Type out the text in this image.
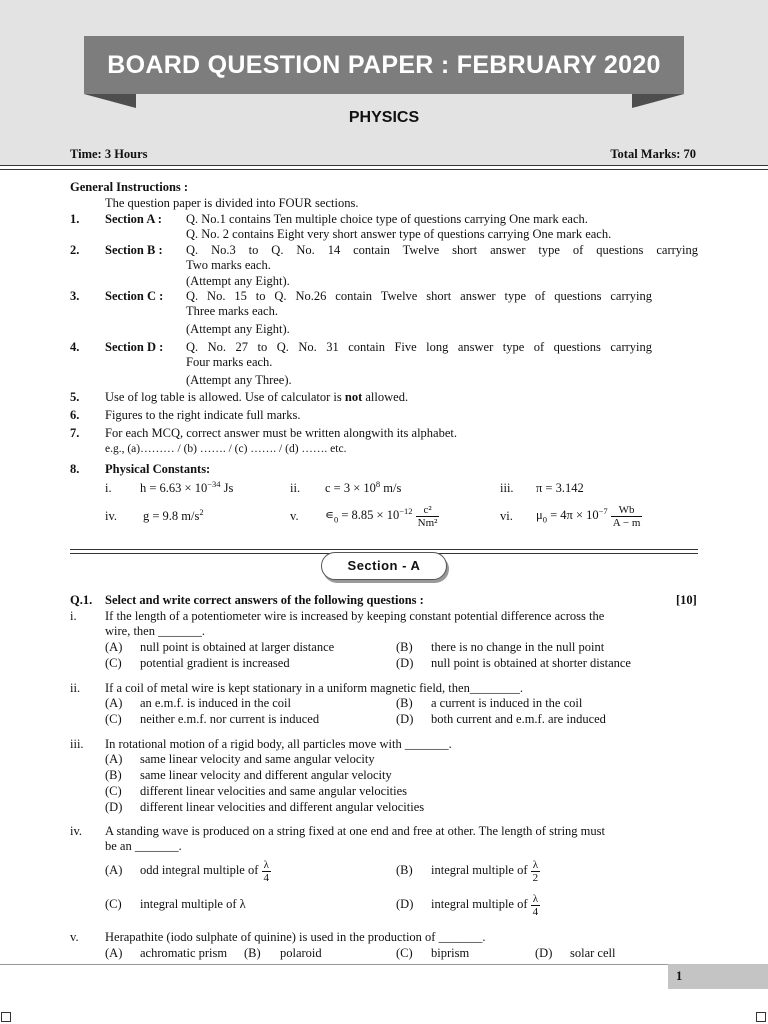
BOARD QUESTION PAPER : FEBRUARY 2020
PHYSICS
Time: 3 Hours	Total Marks: 70
General Instructions :
The question paper is divided into FOUR sections.
1. Section A : Q. No.1 contains Ten multiple choice type of questions carrying One mark each.
Q. No. 2 contains Eight very short answer type of questions carrying One mark each.
2. Section B : Q. No.3 to Q. No. 14 contain Twelve short answer type of questions carrying
Two marks each.
(Attempt any Eight).
3. Section C : Q. No. 15 to Q. No.26 contain Twelve short answer type of questions carrying
Three marks each.
(Attempt any Eight).
4. Section D : Q. No. 27 to Q. No. 31 contain Five long answer type of questions carrying
Four marks each.
(Attempt any Three).
5. Use of log table is allowed. Use of calculator is not allowed.
6. Figures to the right indicate full marks.
7. For each MCQ, correct answer must be written alongwith its alphabet.
e.g., (a)……… / (b) ……. / (c) ……. / (d) ……. etc.
8. Physical Constants:
i. $h = 6.63 \times 10^{-34}$ Js	ii. $c = 3 \times 10^8$ m/s	iii. π = 3.142
iv. g = 9.8 $m/s^2$	v. $∊_0 = 8.85 \times 10^{-12} \frac{\text{c²}}{\text{Nm²}}$	vi. $\mu_0 = 4\pi \times 10^{-7} \frac{Wb}{A - m}$
Section - A
Q.1. Select and write correct answers of the following questions :	[10]
i. If the length of a potentiometer wire is increased by keeping constant potential difference across the
wire, then _______.
(A) null point is obtained at larger distance	(B) there is no change in the null point
(C) potential gradient is increased	(D) null point is obtained at shorter distance
ii. If a coil of metal wire is kept stationary in a uniform magnetic field, then________.
(A) an e.m.f. is induced in the coil	(B) a current is induced in the coil
(C) neither e.m.f. nor current is induced	(D) both current and e.m.f. are induced
iii. In rotational motion of a rigid body, all particles move with _______.
(A) same linear velocity and same angular velocity
(B) same linear velocity and different angular velocity
(C) different linear velocities and same angular velocities
(D) different linear velocities and different angular velocities
iv. A standing wave is produced on a string fixed at one end and free at other. The length of string must
be an _______.
(A) odd integral multiple of $\frac{\lambda}{4}$	(B) integral multiple of $\frac{\lambda}{2}$
(C) integral multiple of λ	(D) integral multiple of $\frac{\lambda}{4}$
v. Herapathite (iodo sulphate of quinine) is used in the production of _______.
(A) achromatic prism (B) polaroid	(C) biprism	(D) solar cell
1
